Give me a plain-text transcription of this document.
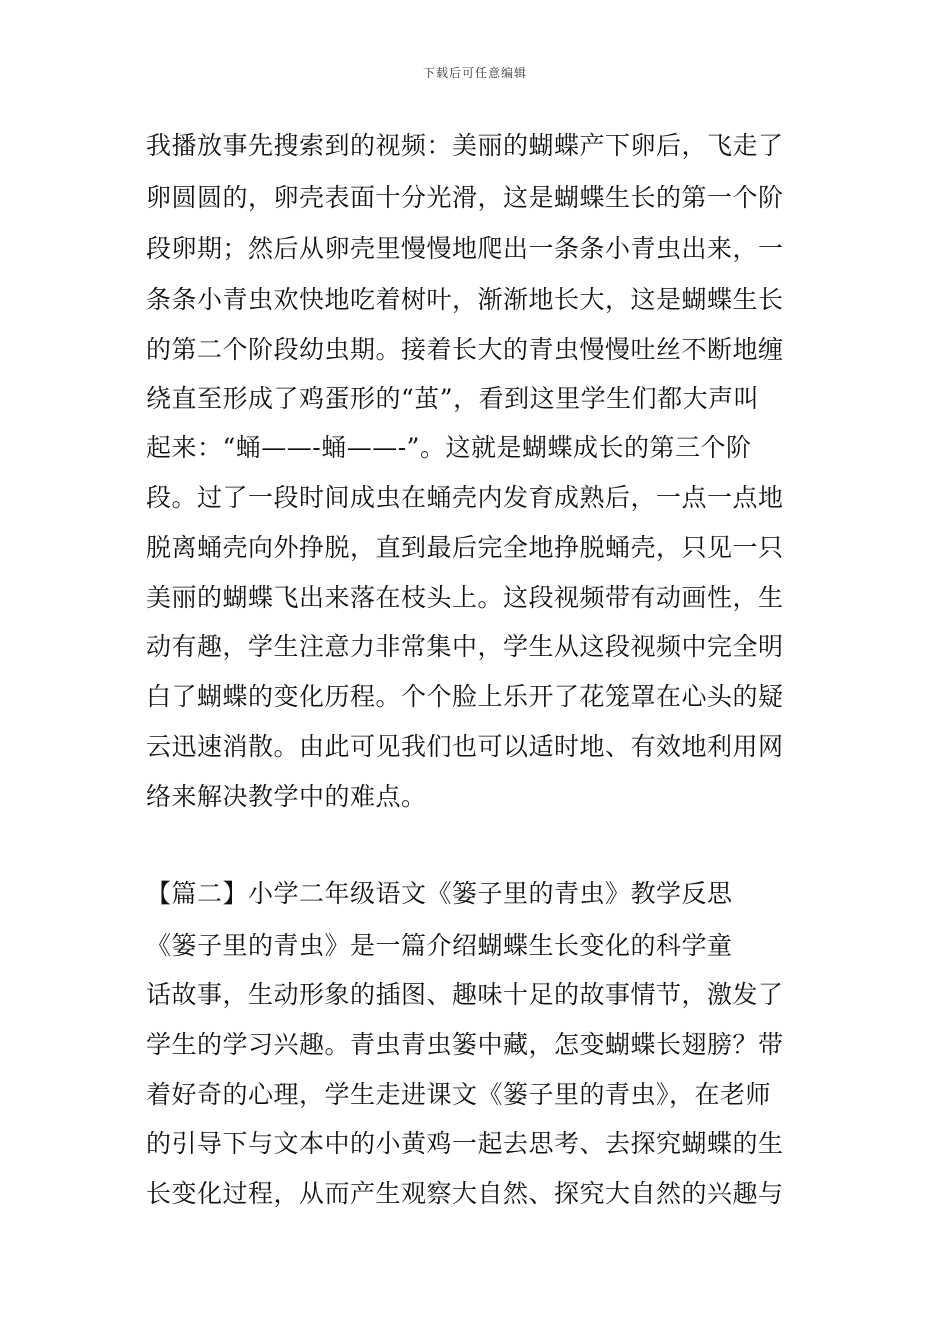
下载后可任意编辑
我播放事先搜索到的视频：美丽的蝴蝶产下卵后，飞走了
卵圆圆的，卵壳表面十分光滑，这是蝴蝶生长的第一个阶
段卵期；然后从卵壳里慢慢地爬出一条条小青虫出来，一
条条小青虫欢快地吃着树叶，渐渐地长大，这是蝴蝶生长
的第二个阶段幼虫期。接着长大的青虫慢慢吐丝不断地缠
绕直至形成了鸡蛋形的“茧”，看到这里学生们都大声叫
起来：“蛹——-蛹——-”。这就是蝴蝶成长的第三个阶
段。过了一段时间成虫在蛹壳内发育成熟后，一点一点地
脱离蛹壳向外挣脱，直到最后完全地挣脱蛹壳，只见一只
美丽的蝴蝶飞出来落在枝头上。这段视频带有动画性，生
动有趣，学生注意力非常集中，学生从这段视频中完全明
白了蝴蝶的变化历程。个个脸上乐开了花笼罩在心头的疑
云迅速消散。由此可见我们也可以适时地、有效地利用网
络来解决教学中的难点。
【篇二】小学二年级语文《篓子里的青虫》教学反思
《篓子里的青虫》是一篇介绍蝴蝶生长变化的科学童
话故事，生动形象的插图、趣味十足的故事情节，激发了
学生的学习兴趣。青虫青虫篓中藏，怎变蝴蝶长翅膀？带
着好奇的心理，学生走进课文《篓子里的青虫》，在老师
的引导下与文本中的小黄鸡一起去思考、去探究蝴蝶的生
长变化过程，从而产生观察大自然、探究大自然的兴趣与
